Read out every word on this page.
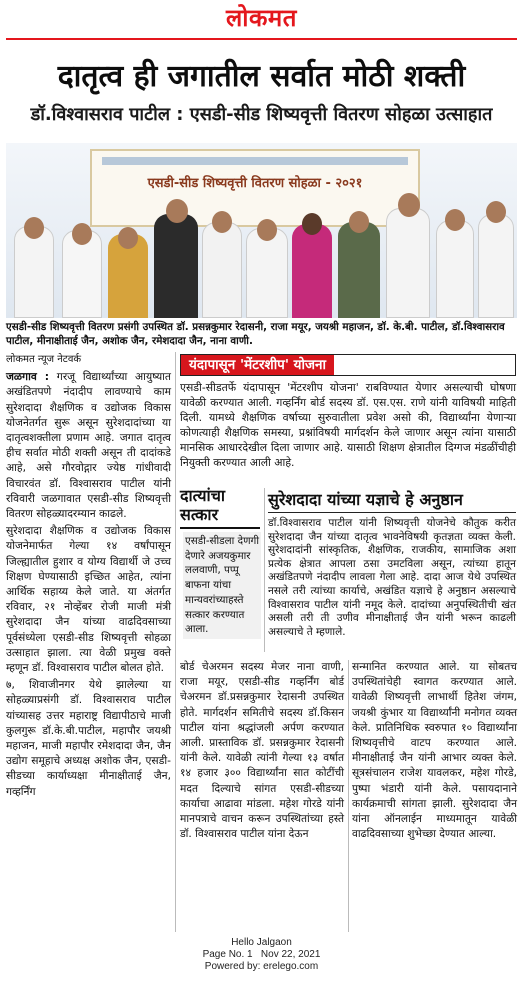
लोकमत
दातृत्व ही जगातील सर्वात मोठी शक्ती
डॉ.विश्वासराव पाटील : एसडी-सीड शिष्यवृत्ती वितरण सोहळा उत्साहात
एसडी-सीड शिष्यवृत्ती वितरण सोहळा - २०२१

एसडी-सीड शिष्यवृत्ती वितरण प्रसंगी उपस्थित डॉ. प्रसन्नकुमार रेदासनी, राजा मयूर, जयश्री महाजन, डॉ. के.बी. पाटील, डॉ.विश्वासराव पाटील, मीनाक्षीताई जैन, अशोक जैन, रमेशदादा जैन, नाना वाणी.

लोकमत न्यूज नेटवर्क

जळगाव : गरजू विद्यार्थ्यांच्या आयुष्यात अखंडितपणे नंदादीप लावण्याचे काम सुरेशदादा शैक्षणिक व उद्योजक विकास योजनेतर्गत सुरू असून सुरेशदादांच्या या दातृत्वशक्तीला प्रणाम आहे. जगात दातृत्व हीच सर्वात मोठी शक्ती असून ती दादांकडे आहे, असे गौरवोद्गार ज्येष्ठ गांधीवादी विचारवंत डॉ. विश्वासराव पाटील यांनी रविवारी जळगावात एसडी-सीड शिष्यवृत्ती वितरण सोहळ्यादरम्यान काढले.

सुरेशदादा शैक्षणिक व उद्योजक विकास योजनेमार्फत गेल्या १४ वर्षांपासून जिल्ह्यातील हुशार व योग्य विद्यार्थी जे उच्च शिक्षण घेण्यासाठी इच्छित आहेत, त्यांना आर्थिक सहाय्य केले जाते. या अंतर्गत रविवार, २१ नोव्हेंबर रोजी माजी मंत्री सुरेशदादा जैन यांच्या वाढदिवसाच्या पूर्वसंध्येला एसडी-सीड शिष्यवृत्ती सोहळा उत्साहात झाला. त्या वेळी प्रमुख वक्ते म्हणून डॉ. विश्वासराव पाटील बोलत होते.

७, शिवाजीनगर येथे झालेल्या या सोहळ्याप्रसंगी डॉ. विश्वासराव पाटील यांच्यासह उत्तर महाराष्ट्र विद्यापीठाचे माजी कुलगुरू डॉ.के.बी.पाटील, महापौर जयश्री महाजन, माजी महापौर रमेशदादा जैन, जैन उद्योग समूहाचे अध्यक्ष अशोक जैन, एसडी-सीडच्या कार्याध्यक्षा मीनाक्षीताई जैन, गव्हर्निंग

यंदापासून 'मेंटरशीप' योजना

एसडी-सीडतर्फे यंदापासून 'मेंटरशीप योजना' राबविण्यात येणार असल्याची घोषणा यावेळी करण्यात आली. गव्हर्निंग बोर्ड सदस्य डॉ. एस.एस. राणे यांनी याविषयी माहिती दिली. यामध्ये शैक्षणिक वर्षाच्या सुरुवातीला प्रवेश असो की, विद्यार्थ्यांना येणाऱ्या कोणत्याही शैक्षणिक समस्या, प्रश्नांविषयी मार्गदर्शन केले जाणार असून त्यांना यासाठी मानसिक आधारदेखील दिला जाणार आहे. यासाठी शिक्षण क्षेत्रातील दिग्गज मंडळींचीही नियुक्ती करण्यात आली आहे.

दात्यांचा सत्कार

एसडी-सीडला देणगी देणारे अजयकुमार ललवाणी, पप्पू बाफना यांचा मान्यवरांच्याहस्ते सत्कार करण्यात आला.

सुरेशदादा यांच्या यज्ञाचे हे अनुष्ठान

डॉ.विश्वासराव पाटील यांनी शिष्यवृत्ती योजनेचे कौतुक करीत सुरेशदादा जैन यांच्या दातृत्व भावनेविषयी कृतज्ञता व्यक्त केली. सुरेशदादांनी सांस्कृतिक, शैक्षणिक, राजकीय, सामाजिक अशा प्रत्येक क्षेत्रात आपला ठसा उमटविला असून, त्यांच्या हातून अखंडितपणे नंदादीप लावला गेला आहे. दादा आज येथे उपस्थित नसले तरी त्यांच्या कार्याचे, अखंडित यज्ञाचे हे अनुष्ठान असल्याचे विश्वासराव पाटील यांनी नमूद केले. दादांच्या अनुपस्थितीची खंत असली तरी ती उणीव मीनाक्षीताई जैन यांनी भरून काढली असल्याचे ते म्हणाले.

बोर्ड चेअरमन सदस्य मेजर नाना वाणी, राजा मयूर, एसडी-सीड गव्हर्निंग बोर्ड चेअरमन डॉ.प्रसन्नकुमार रेदासनी उपस्थित होते. मार्गदर्शन समितीचे सदस्य डॉ.किसन पाटील यांना श्रद्धांजली अर्पण करण्यात आली. प्रास्ताविक डॉ. प्रसन्नकुमार रेदासनी यांनी केले. यावेळी त्यांनी गेल्या १३ वर्षात १४ हजार ३०० विद्यार्थ्यांना सात कोटींची मदत दिल्याचे सांगत एसडी-सीडच्या कार्याचा आढावा मांडला. महेश गोरडे यांनी मानपत्राचे वाचन करून उपस्थितांच्या हस्ते डॉ. विश्वासराव पाटील यांना देऊन

सन्मानित करण्यात आले. या सोबतच उपस्थितांचेही स्वागत करण्यात आले. यावेळी शिष्यवृत्ती लाभार्थी हितेश जंगम, जयश्री कुंभार या विद्यार्थ्यांनी मनोगत व्यक्त केले. प्रातिनिधिक स्वरुपात १० विद्यार्थ्यांना शिष्यवृत्तीचे वाटप करण्यात आले. मीनाक्षीताई जैन यांनी आभार व्यक्त केले. सूत्रसंचालन राजेश यावलकर, महेश गोरडे, पुष्पा भंडारी यांनी केले. पसायदानाने कार्यक्रमाची सांगता झाली. सुरेशदादा जैन यांना ऑनलाईन माध्यमातून यावेळी वाढदिवसाच्या शुभेच्छा देण्यात आल्या.

Hello Jalgaon
Page No. 1   Nov 22, 2021
Powered by: erelego.com
